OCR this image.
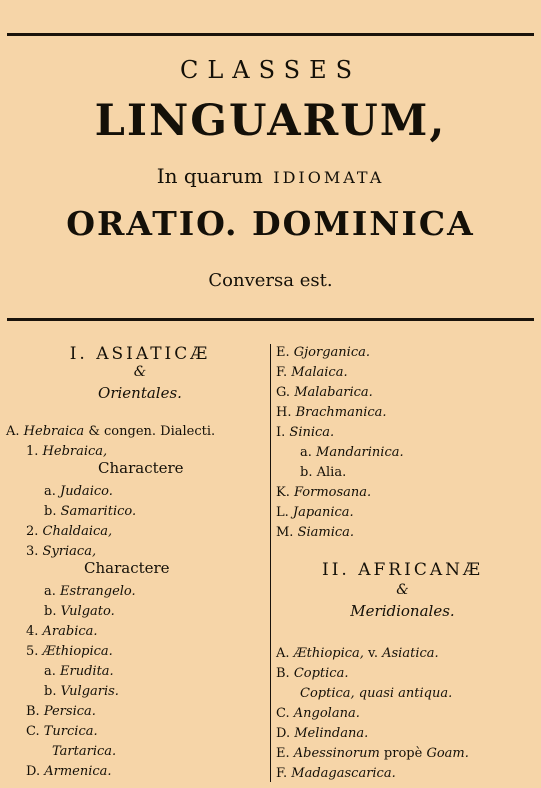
CLASSES
LINGUARUM,
In quarum IDIOMATA
ORATIO. DOMINICA
Conversa est.
I. ASIATICÆ
&
Orientales.
A. Hebraica & congen. Dialecti.
1. Hebraica,
Charactere
a. Judaico.
b. Samaritico.
2. Chaldaica,
3. Syriaca,
Charactere
a. Estrangelo.
b. Vulgato.
4. Arabica.
5. Æthiopica.
a. Erudita.
b. Vulgaris.
B. Persica.
C. Turcica.
Tartarica.
D. Armenica.
E. Gjorganica.
F. Malaica.
G. Malabarica.
H. Brachmanica.
I. Sinica.
a. Mandarinica.
b. Alia.
K. Formosana.
L. Japanica.
M. Siamica.
II. AFRICANÆ
&
Meridionales.
A. Æthiopica, v. Asiatica.
B. Coptica.
Coptica, quasi antiqua.
C. Angolana.
D. Melindana.
E. Abessinorum propè Goam.
F. Madagascarica.
